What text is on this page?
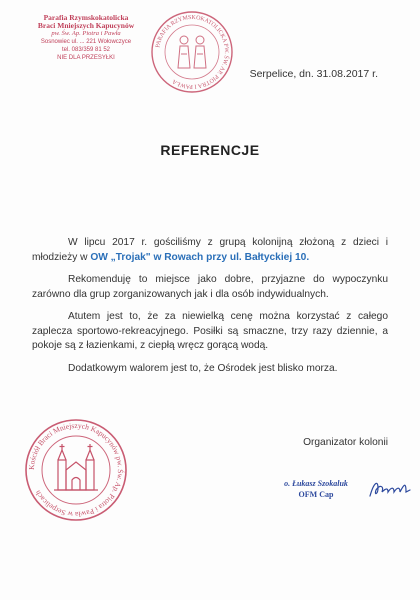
Parafia Rzymskokatolicka
Braci Mniejszych Kapucynów
pw. Św. Ap. Piotra i Pawła
Sosnowiec ul. ... 221 Wołowczyce
tel. 083/359 81 52
NIE DLA PRZESYŁKI
PARAFIA RZYMSKOKATOLICKA PW. ŚW. AP. PIOTRA I PAWŁA
Serpelice, dn. 31.08.2017 r.
REFERENCJE

W lipcu 2017 r. gościliśmy z grupą kolonijną złożoną z dzieci i młodzieży w OW „Trojak" w Rowach przy ul. Bałtyckiej 10.

Rekomenduję to miejsce jako dobre, przyjazne do wypoczynku zarówno dla grup zorganizowanych jak i dla osób indywidualnych.

Atutem jest to, że za niewielką cenę można korzystać z całego zaplecza sportowo-rekreacyjnego. Posiłki są smaczne, trzy razy dziennie, a pokoje są z łazienkami, z ciepłą wręcz gorącą wodą.

Dodatkowym walorem jest to, że Ośrodek jest blisko morza.

Organizator kolonii
o. Łukasz Szokaluk
OFM Cap
Kościół Braci Mniejszych Kapucynów pw. Św. Ap. Piotra i Pawła w Serpelicach
